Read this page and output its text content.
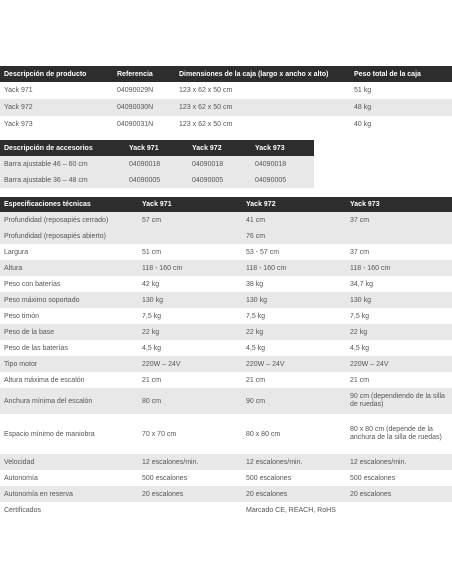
Descripción de producto	Referencia	Dimensiones de la caja (largo x ancho x alto)	Peso total de la caja
Yack 971	04090029N	123 x 62 x 50 cm	51 kg
Yack 972	04090030N	123 x 62 x 50 cm	48 kg
Yack 973	04090031N	123 x 62 x 50 cm	40 kg
Descripción de accesorios	Yack 971	Yack 972	Yack 973
Barra ajustable 46 – 60 cm	04090018	04090018	04090018
Barra ajustable 36 – 48 cm	04090005	04090005	04090005
Especificaciones técnicas	Yack 971	Yack 972	Yack 973
Profundidad (reposapiés cerrado)	57 cm	41 cm	37 cm
Profundidad (reposapiés abierto)		76 cm	
Largura	51 cm	53 - 57 cm	37 cm
Altura	118 - 160 cm	118 - 160 cm	118 - 160 cm
Peso con baterías	42 kg	38 kg	34,7 kg
Peso máximo soportado	130 kg	130 kg	130 kg
Peso timón	7,5 kg	7,5 kg	7,5 kg
Peso de la base	22 kg	22 kg	22 kg
Peso de las baterías	4,5 kg	4,5 kg	4,5 kg
Tipo motor	220W – 24V	220W – 24V	220W – 24V
Altura máxima de escalón	21 cm	21 cm	21 cm
Anchura mínima del escalón	80 cm	90 cm	90 cm (dependiendo de la silla de ruedas)
Espacio mínimo de maniobra	70 x 70 cm	80 x 80 cm	80 x 80 cm (depende de la anchura de la silla de ruedas)
Velocidad	12 escalones/min.	12 escalones/min.	12 escalones/min.
Autonomía	500 escalones	500 escalones	500 escalones
Autonomía en reserva	20 escalones	20 escalones	20 escalones
Certificados		Marcado CE, REACH, RoHS	
